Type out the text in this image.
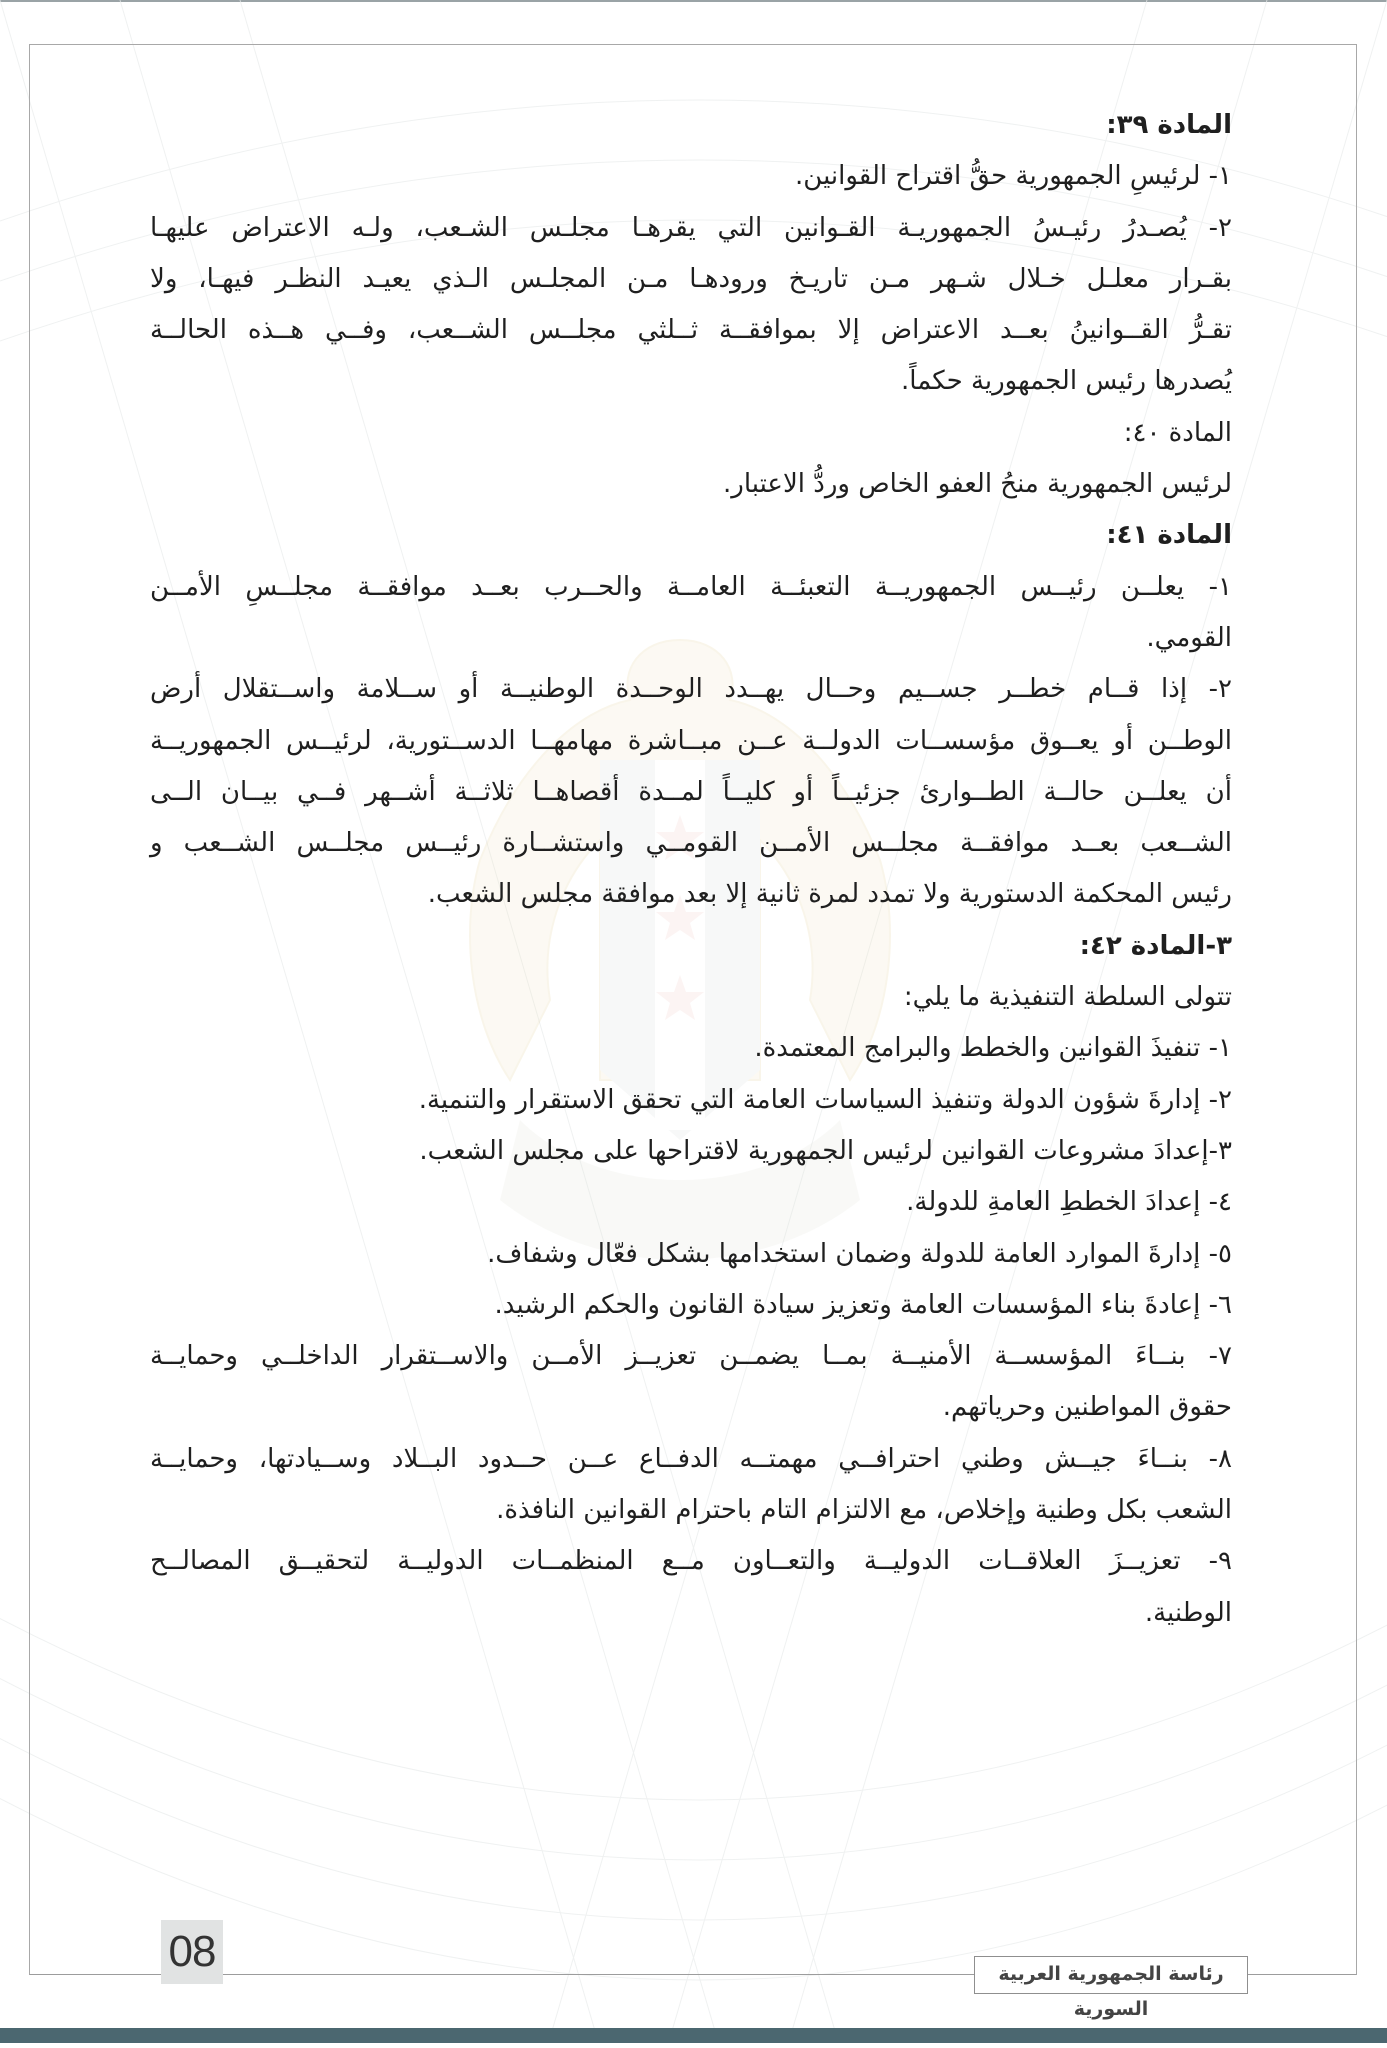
المادة ٣٩:
١- لرئيسِ الجمهورية حقُّ اقتراح القوانين.
٢- يُصـدرُ رئيـسُ الجمهوريـة القـوانين التي يقرهـا مجلـس الشـعب، ولـه الاعتراض عليهـا
بقـرار معلـل خـلال شـهر مـن تاريـخ ورودهـا مـن المجلـس الـذي يعيـد النظـر فيهـا، ولا
تقـرُّ القــوانينُ بعــد الاعتراض إلا بموافقــة ثــلثي مجلــس الشــعب، وفــي هــذه الحالــة
يُصدرها رئيس الجمهورية حكماً.
المادة ٤٠:
لرئيس الجمهورية منحُ العفو الخاص وردُّ الاعتبار.
المادة ٤١:
١- يعلــن رئيــس الجمهوريــة التعبئــة العامــة والحــرب بعــد موافقــة مجلــسِ الأمــن
القومي.
٢- إذا قــام خطــر جســيم وحــال يهــدد الوحــدة الوطنيــة أو ســلامة واســتقلال أرض
الوطــن أو يعــوق مؤسســات الدولــة عــن مبــاشرة مهامهــا الدســتورية، لرئيــس الجمهوريــة
أن يعلــن حالــة الطــوارئ جزئيــاً أو كليــاً لمــدة أقصاهــا ثلاثــة أشــهر فــي بيــان الــى
الشــعب بعــد موافقــة مجلــس الأمــن القومــي واستشــارة رئيــس مجلــس الشــعب و
رئيس المحكمة الدستورية ولا تمدد لمرة ثانية إلا بعد موافقة مجلس الشعب.
٣-المادة ٤٢:
تتولى السلطة التنفيذية ما يلي:
١- تنفيذَ القوانين والخطط والبرامج المعتمدة.
٢- إدارةَ شؤون الدولة وتنفيذ السياسات العامة التي تحقق الاستقرار والتنمية.
٣-إعدادَ مشروعات القوانين لرئيس الجمهورية لاقتراحها على مجلس الشعب.
٤- إعدادَ الخططِ العامةِ للدولة.
٥- إدارةَ الموارد العامة للدولة وضمان استخدامها بشكل فعّال وشفاف.
٦- إعادةَ بناء المؤسسات العامة وتعزيز سيادة القانون والحكم الرشيد.
٧- بنــاءَ المؤسســة الأمنيــة بمــا يضمــن تعزيــز الأمــن والاســتقرار الداخلــي وحمايــة
حقوق المواطنين وحرياتهم.
٨- بنــاءَ جيــش وطني احترافــي مهمتــه الدفــاع عــن حــدود البــلاد وســيادتها، وحمايــة
الشعب بكل وطنية وإخلاص، مع الالتزام التام باحترام القوانين النافذة.
٩- تعزيــزَ العلاقــات الدوليــة والتعــاون مــع المنظمــات الدوليــة لتحقيــق المصالــح
الوطنية.
08	رئاسة الجمهورية العربية السورية
